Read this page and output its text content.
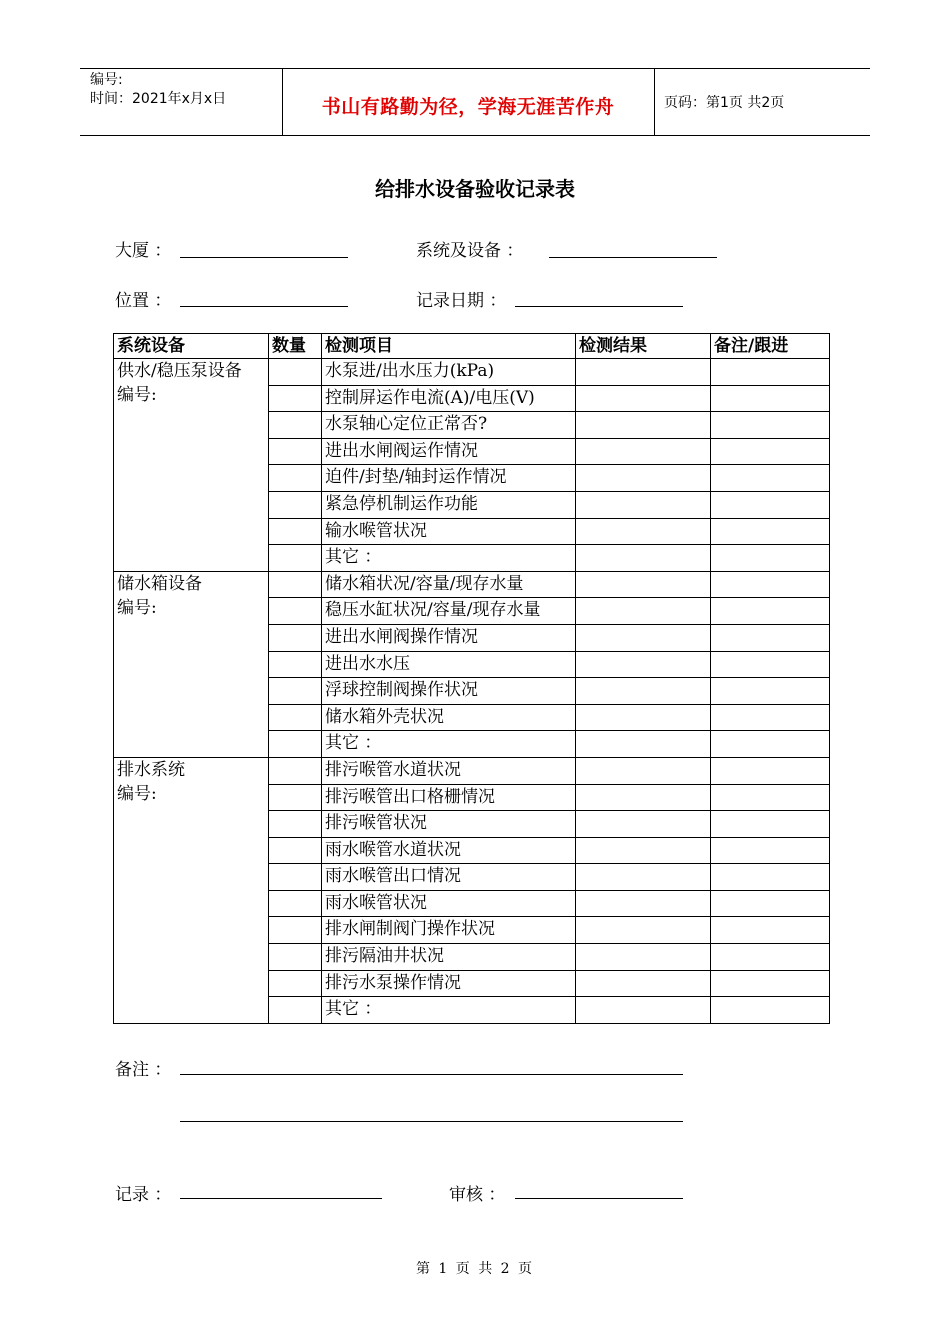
编号:
时间：2021年x月x日	书山有路勤为径，学海无涯苦作舟	页码：第1页 共2页
给排水设备验收记录表
大厦 ：	系统及设备 ：
位置 ：	记录日期 ：
系统设备	数量	检测项目	检测结果	备注/跟进

供水/稳压泵设备
编号:		水泵进/出水压力(kPa)		
		控制屏运作电流(A)/电压(V)		
		水泵轴心定位正常否?		
		进出水闸阀运作情况		
		迫件/封垫/轴封运作情况		
		紧急停机制运作功能		
		输水喉管状况		
		其它 ：		

储水箱设备
编号:		储水箱状况/容量/现存水量		
		稳压水缸状况/容量/现存水量		
		进出水闸阀操作情况		
		进出水水压		
		浮球控制阀操作状况		
		储水箱外壳状况		
		其它 ：		

排水系统
编号:		排污喉管水道状况		
		排污喉管出口格栅情况		
		排污喉管状况		
		雨水喉管水道状况		
		雨水喉管出口情况		
		雨水喉管状况		
		排水闸制阀门操作状况		
		排污隔油井状况		
		排污水泵操作情况		
		其它 ：		
备注 ：
记录 ：	审核 ：
第 1 页 共 2 页
